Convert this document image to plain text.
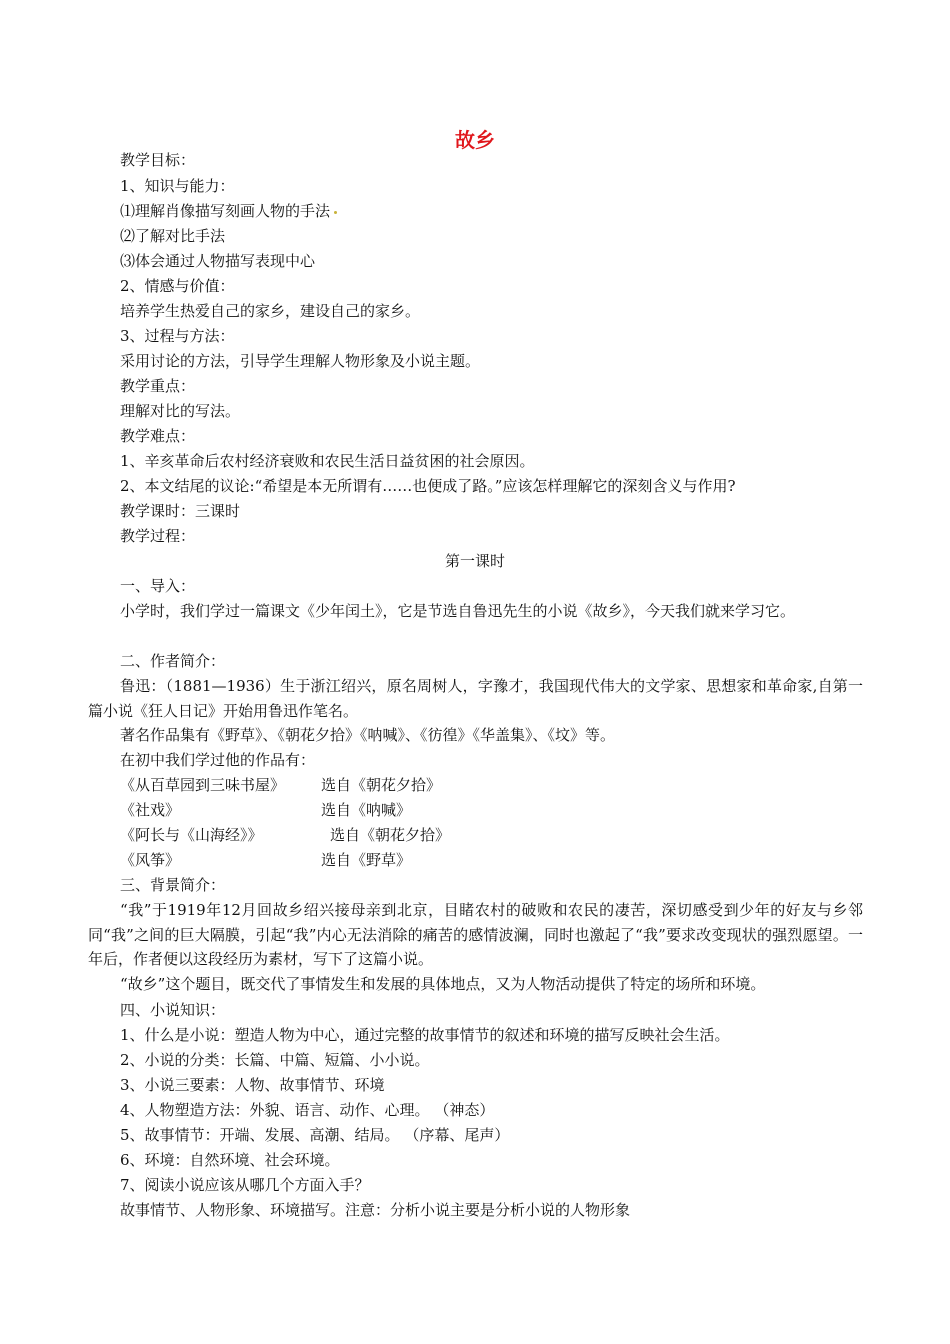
故乡
教学目标：
1、知识与能力：
⑴理解肖像描写刻画人物的手法
⑵了解对比手法
⑶体会通过人物描写表现中心
2、情感与价值：
培养学生热爱自己的家乡，建设自己的家乡。
3、过程与方法：
采用讨论的方法，引导学生理解人物形象及小说主题。
教学重点：
理解对比的写法。
教学难点：
1、辛亥革命后农村经济衰败和农民生活日益贫困的社会原因。
2、本文结尾的议论:“希望是本无所谓有……也便成了路。”应该怎样理解它的深刻含义与作用?
教学课时：三课时
教学过程：
第一课时
一、导入：
小学时，我们学过一篇课文《少年闰土》，它是节选自鲁迅先生的小说《故乡》，今天我们就来学习它。
二、作者简介：
鲁迅：（1881—1936）生于浙江绍兴，原名周树人，字豫才，我国现代伟大的文学家、思想家和革命家,自第一篇小说《狂人日记》开始用鲁迅作笔名。
著名作品集有《野草》、《朝花夕拾》《呐喊》、《彷徨》《华盖集》、《坟》等。
在初中我们学过他的作品有：
《从百草园到三味书屋》 选自《朝花夕拾》
《社戏》	选自《呐喊》
《阿长与《山海经》》	选自《朝花夕拾》
《风筝》	选自《野草》
三、背景简介：
“我”于1919年12月回故乡绍兴接母亲到北京，目睹农村的破败和农民的凄苦，深切感受到少年的好友与乡邻同“我”之间的巨大隔膜，引起“我”内心无法消除的痛苦的感情波澜，同时也激起了“我”要求改变现状的强烈愿望。一年后，作者便以这段经历为素材，写下了这篇小说。
“故乡”这个题目，既交代了事情发生和发展的具体地点，又为人物活动提供了特定的场所和环境。
四、小说知识：
1、什么是小说：塑造人物为中心，通过完整的故事情节的叙述和环境的描写反映社会生活。
2、小说的分类：长篇、中篇、短篇、小小说。
3、小说三要素：人物、故事情节、环境
4、人物塑造方法：外貌、语言、动作、心理。 （神态）
5、故事情节：开端、发展、高潮、结局。 （序幕、尾声）
6、环境：自然环境、社会环境。
7、阅读小说应该从哪几个方面入手？
故事情节、人物形象、环境描写。注意：分析小说主要是分析小说的人物形象
